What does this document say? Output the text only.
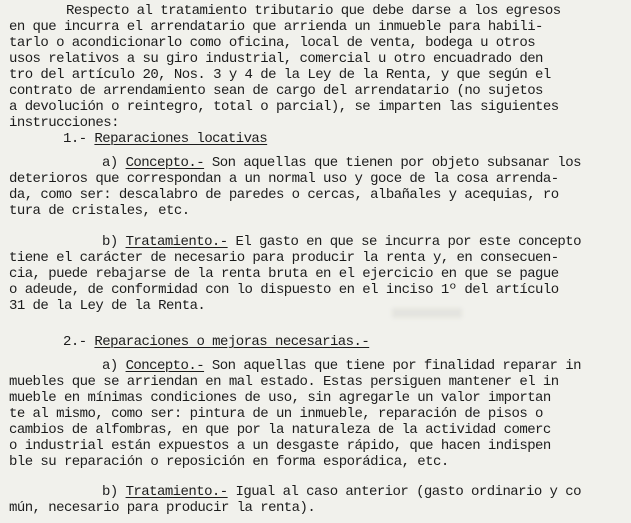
Respecto al tratamiento tributario que debe darse a los egresos
en que incurra el arrendatario que arrienda un inmueble para habili-
tarlo o acondicionarlo como oficina, local de venta, bodega u otros
usos relativos a su giro industrial, comercial u otro encuadrado den
tro del artículo 20, Nos. 3 y 4 de la Ley de la Renta, y que según el
contrato de arrendamiento sean de cargo del arrendatario (no sujetos
a devolución o reintegro, total o parcial), se imparten las siguientes
instrucciones:
1.- Reparaciones locativas
a) Concepto.- Son aquellas que tienen por objeto subsanar los
deterioros que correspondan a un normal uso y goce de la cosa arrenda-
da, como ser: descalabro de paredes o cercas, albañales y acequias, ro
tura de cristales, etc.
b) Tratamiento.- El gasto en que se incurra por este concepto
tiene el carácter de necesario para producir la renta y, en consecuen-
cia, puede rebajarse de la renta bruta en el ejercicio en que se pague
o adeude, de conformidad con lo dispuesto en el inciso 1º del artículo
31 de la Ley de la Renta.
2.- Reparaciones o mejoras necesarias.-
a) Concepto.- Son aquellas que tiene por finalidad reparar in
muebles que se arriendan en mal estado. Estas persiguen mantener el in
mueble en mínimas condiciones de uso, sin agregarle un valor importan
te al mismo, como ser: pintura de un inmueble, reparación de pisos o
cambios de alfombras, en que por la naturaleza de la actividad comerc
o industrial están expuestos a un desgaste rápido, que hacen indispen
ble su reparación o reposición en forma esporádica, etc.
b) Tratamiento.- Igual al caso anterior (gasto ordinario y co
mún, necesario para producir la renta).
